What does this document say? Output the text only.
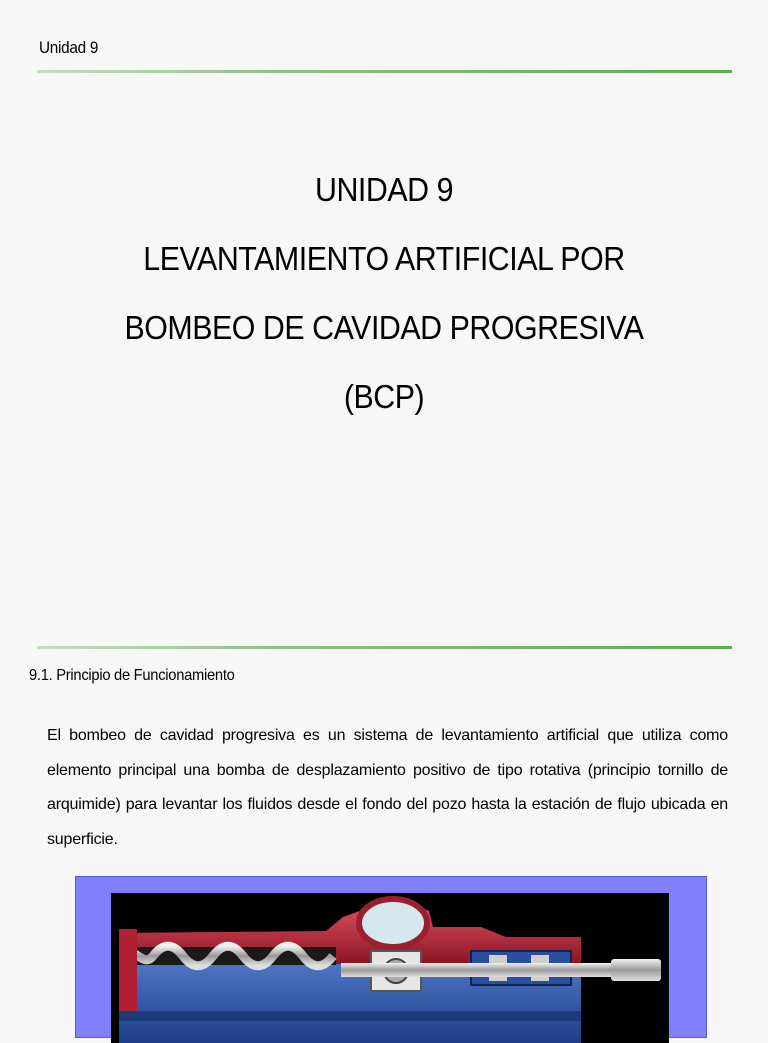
Unidad 9
UNIDAD 9
LEVANTAMIENTO ARTIFICIAL POR
BOMBEO DE CAVIDAD PROGRESIVA
(BCP)
9.1. Principio de Funcionamiento
El bombeo de cavidad progresiva es un sistema de levantamiento artificial que utiliza como elemento principal una bomba de desplazamiento positivo de tipo rotativa (principio tornillo de arquimide) para levantar los fluidos desde el fondo del pozo hasta la estación de flujo ubicada en superficie.
